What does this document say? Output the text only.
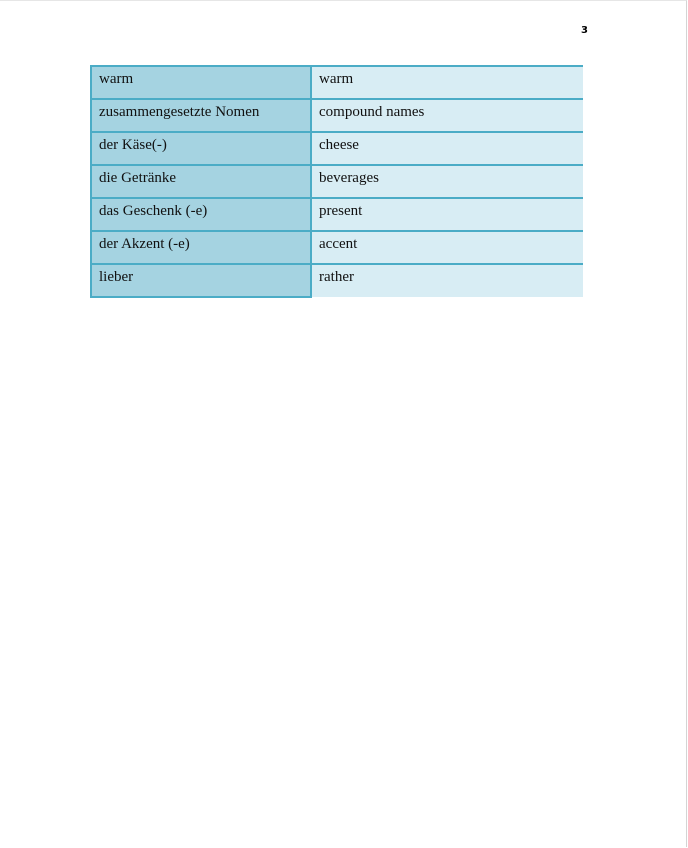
3
warm	warm
zusammengesetzte Nomen	compound names
der Käse(-)	cheese
die Getränke	beverages
das Geschenk (-e)	present
der Akzent (-e)	accent
lieber	rather
